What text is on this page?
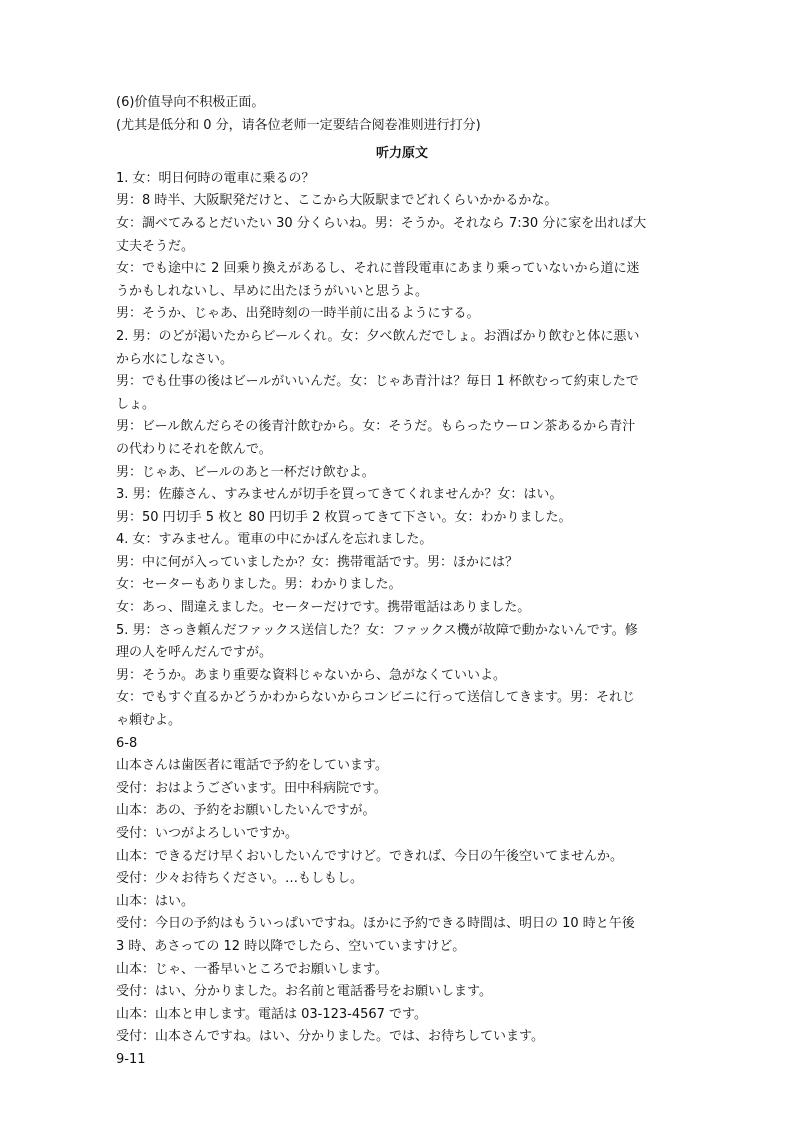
(6)价值导向不积极正面。
(尤其是低分和 0 分，请各位老师一定要结合阅卷准则进行打分)
听力原文
1. 女：明日何時の電車に乗るの？
男：8 時半、大阪駅発だけと、ここから大阪駅までどれくらいかかるかな。
女：調べてみるとだいたい 30 分くらいね。男：そうか。それなら 7:30 分に家を出れば大
丈夫そうだ。
女：でも途中に 2 回乗り換えがあるし、それに普段電車にあまり乗っていないから道に迷
うかもしれないし、早めに出たほうがいいと思うよ。
男：そうか、じゃあ、出発時刻の一時半前に出るようにする。
2. 男：のどが渇いたからビールくれ。女：夕べ飲んだでしょ。お酒ばかり飲むと体に悪い
から水にしなさい。
男：でも仕事の後はビールがいいんだ。女：じゃあ青汁は？毎日 1 杯飲むって約束したで
しょ。
男：ビール飲んだらその後青汁飲むから。女：そうだ。もらったウーロン茶あるから青汁
の代わりにそれを飲んで。
男：じゃあ、ビールのあと一杯だけ飲むよ。
3. 男：佐藤さん、すみませんが切手を買ってきてくれませんか？女：はい。
男：50 円切手 5 枚と 80 円切手 2 枚買ってきて下さい。女：わかりました。
4. 女：すみません。電車の中にかばんを忘れました。
男：中に何が入っていましたか？女：携帯電話です。男：ほかには？
女：セーターもありました。男：わかりました。
女：あっ、間違えました。セーターだけです。携帯電話はありました。
5. 男：さっき頼んだファックス送信した？女：ファックス機が故障で動かないんです。修
理の人を呼んだんですが。
男：そうか。あまり重要な資料じゃないから、急がなくていいよ。
女：でもすぐ直るかどうかわからないからコンビニに行って送信してきます。男：それじ
ゃ頼むよ。
6-8
山本さんは歯医者に電話で予約をしています。
受付：おはようございます。田中科病院です。
山本：あの、予約をお願いしたいんですが。
受付：いつがよろしいですか。
山本：できるだけ早くおいしたいんですけど。できれば、今日の午後空いてませんか。
受付：少々お待ちください。…もしもし。
山本：はい。
受付：今日の予約はもういっぱいですね。ほかに予約できる時間は、明日の 10 時と午後
3 時、あさっての 12 時以降でしたら、空いていますけど。
山本：じゃ、一番早いところでお願いします。
受付：はい、分かりました。お名前と電話番号をお願いします。
山本：山本と申します。電話は 03-123-4567 です。
受付：山本さんですね。はい、分かりました。では、お待ちしています。
9-11
